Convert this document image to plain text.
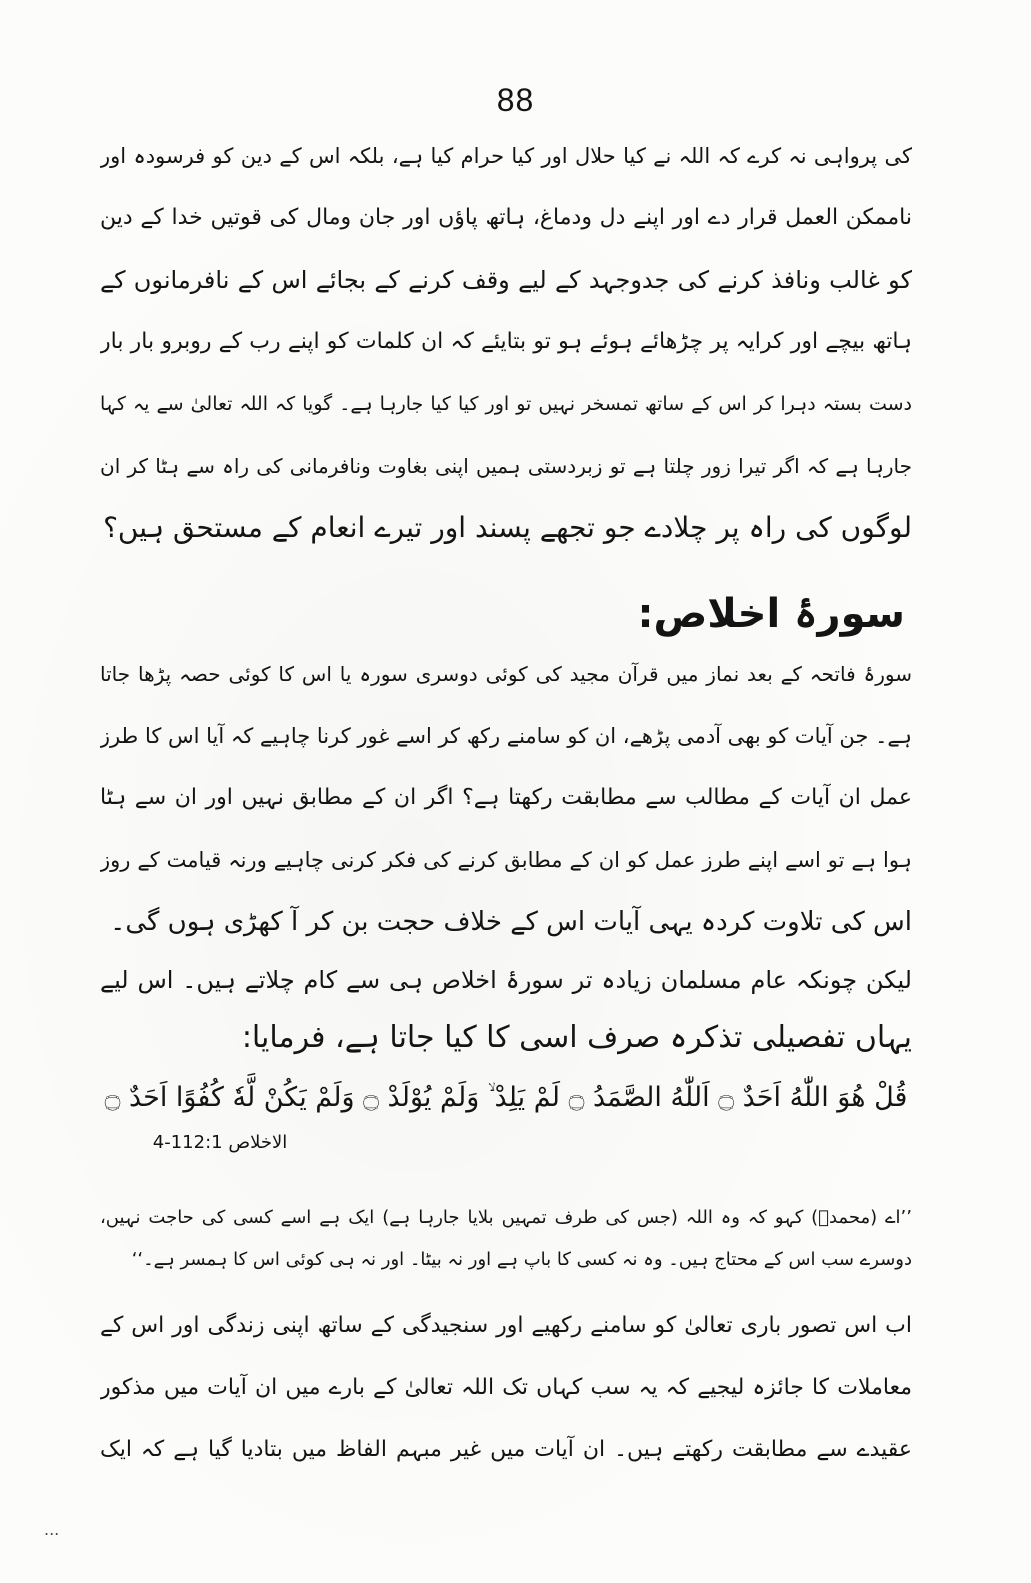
88
کی پرواہی نہ کرے کہ اللہ نے کیا حلال اور کیا حرام کیا ہے، بلکہ اس کے دین کو فرسودہ اور
ناممکن العمل قرار دے اور اپنے دل ودماغ، ہاتھ پاؤں اور جان ومال کی قوتیں خدا کے دین
کو غالب ونافذ کرنے کی جدوجہد کے لیے وقف کرنے کے بجائے اس کے نافرمانوں کے
ہاتھ بیچے اور کرایہ پر چڑھائے ہوئے ہو تو بتایئے کہ ان کلمات کو اپنے رب کے روبرو بار بار
دست بستہ دہرا کر اس کے ساتھ تمسخر نہیں تو اور کیا کیا جارہا ہے۔ گویا کہ اللہ تعالیٰ سے یہ کہا
جارہا ہے کہ اگر تیرا زور چلتا ہے تو زبردستی ہمیں اپنی بغاوت ونافرمانی کی راہ سے ہٹا کر ان
لوگوں کی راہ پر چلادے جو تجھے پسند اور تیرے انعام کے مستحق ہیں؟
سورۂ اخلاص:
سورۂ فاتحہ کے بعد نماز میں قرآن مجید کی کوئی دوسری سورہ یا اس کا کوئی حصہ پڑھا جاتا
ہے۔ جن آیات کو بھی آدمی پڑھے، ان کو سامنے رکھ کر اسے غور کرنا چاہیے کہ آیا اس کا طرز
عمل ان آیات کے مطالب سے مطابقت رکھتا ہے؟ اگر ان کے مطابق نہیں اور ان سے ہٹا
ہوا ہے تو اسے اپنے طرز عمل کو ان کے مطابق کرنے کی فکر کرنی چاہیے ورنہ قیامت کے روز
اس کی تلاوت کردہ یہی آیات اس کے خلاف حجت بن کر آ کھڑی ہوں گی۔
لیکن چونکہ عام مسلمان زیادہ تر سورۂ اخلاص ہی سے کام چلاتے ہیں۔ اس لیے
یہاں تفصیلی تذکرہ صرف اسی کا کیا جاتا ہے، فرمایا:
قُلْ هُوَ اللّٰهُ اَحَدٌ ۝ اَللّٰهُ الصَّمَدُ ۝ لَمْ يَلِدْ ۙ وَلَمْ يُوْلَدْ ۝ وَلَمْ يَكُنْ لَّهٗ كُفُوًا اَحَدٌ ۝
الاخلاص 112:1-4
’’اے (محمدؐ) کہو کہ وہ اللہ (جس کی طرف تمہیں بلایا جارہا ہے) ایک ہے اسے کسی کی حاجت نہیں،
دوسرے سب اس کے محتاج ہیں۔ وہ نہ کسی کا باپ ہے اور نہ بیٹا۔ اور نہ ہی کوئی اس کا ہمسر ہے۔‘‘
اب اس تصور باری تعالیٰ کو سامنے رکھیے اور سنجیدگی کے ساتھ اپنی زندگی اور اس کے
معاملات کا جائزہ لیجیے کہ یہ سب کہاں تک اللہ تعالیٰ کے بارے میں ان آیات میں مذکور
عقیدے سے مطابقت رکھتے ہیں۔ ان آیات میں غیر مبہم الفاظ میں بتادیا گیا ہے کہ ایک
...
